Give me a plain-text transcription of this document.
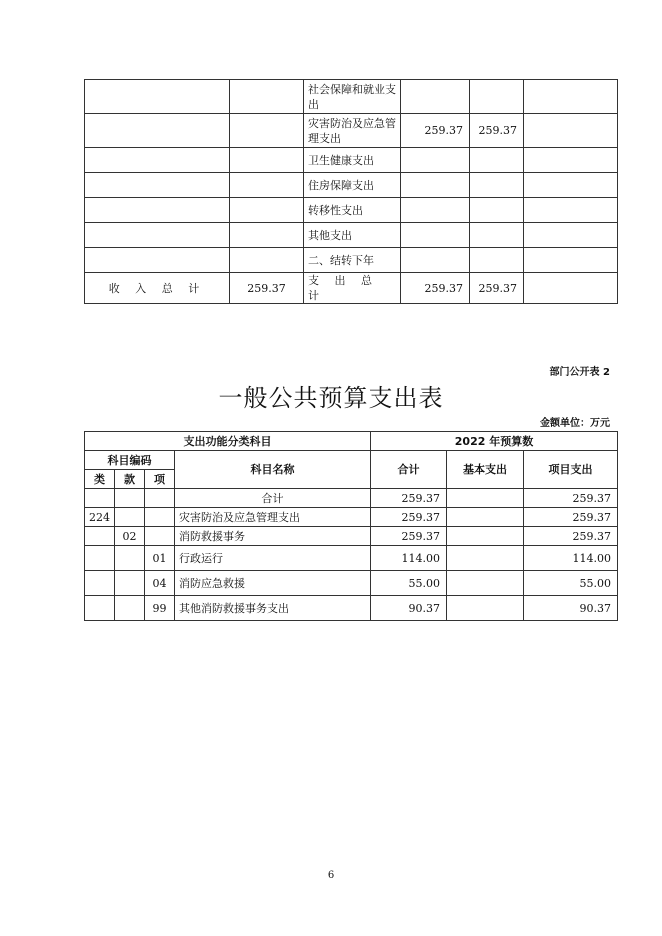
		社会保障和就业支出			
		灾害防治及应急管理支出	259.37	259.37	
		卫生健康支出			
		住房保障支出			
		转移性支出			
		其他支出			
		二、结转下年			
收 入 总 计	259.37	支 出 总 计	259.37	259.37	
部门公开表 2
一般公共预算支出表
金额单位：万元
支出功能分类科目				2022 年预算数		
科目编码			科目名称	合计	基本支出	项目支出
类	款	项				
			合计	259.37		259.37
224			灾害防治及应急管理支出	259.37		259.37
	02		消防救援事务	259.37		259.37
		01	行政运行	114.00		114.00
		04	消防应急救援	55.00		55.00
		99	其他消防救援事务支出	90.37		90.37
6
